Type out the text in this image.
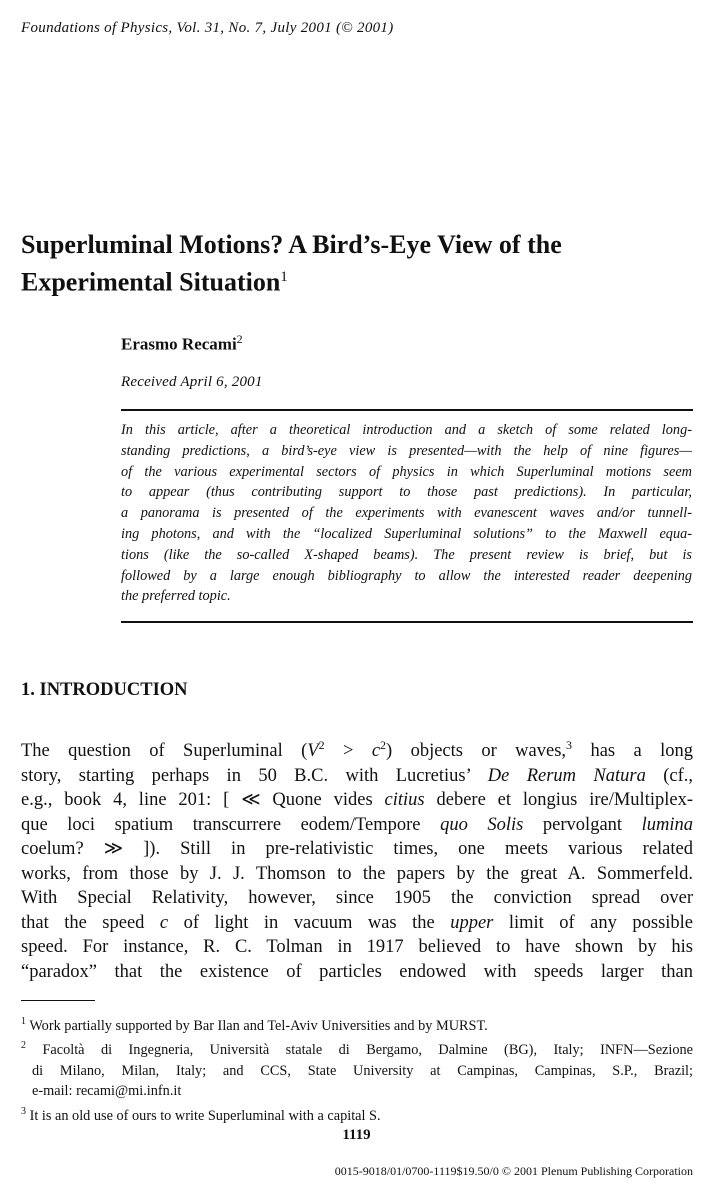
Foundations of Physics, Vol. 31, No. 7, July 2001 (© 2001)
Superluminal Motions? A Bird’s-Eye View of the
Experimental Situation$^1$
Erasmo Recami$^2$
Received April 6, 2001
In this article, after a theoretical introduction and a sketch of some related long-
standing predictions, a bird’s-eye view is presented—with the help of nine figures—
of the various experimental sectors of physics in which Superluminal motions seem
to appear (thus contributing support to those past predictions). In particular,
a panorama is presented of the experiments with evanescent waves and/or tunnell-
ing photons, and with the “localized Superluminal solutions” to the Maxwell equa-
tions (like the so-called X-shaped beams). The present review is brief, but is
followed by a large enough bibliography to allow the interested reader deepening
the preferred topic.
1. INTRODUCTION
The question of Superluminal $(V^2 > c^2)$ objects or waves,$^3$ has a long
story, starting perhaps in 50 B.C. with Lucretius’ De Rerum Natura (cf.,
e.g., book 4, line 201: [ ≪ Quone vides citius debere et longius ire/Multiplex-
que loci spatium transcurrere eodem/Tempore quo Solis pervolgant lumina
coelum? ≫ ]). Still in pre-relativistic times, one meets various related
works, from those by J. J. Thomson to the papers by the great A. Sommerfeld.
With Special Relativity, however, since 1905 the conviction spread over
that the speed c of light in vacuum was the upper limit of any possible
speed. For instance, R. C. Tolman in 1917 believed to have shown by his
“paradox” that the existence of particles endowed with speeds larger than
$^1$ Work partially supported by Bar Ilan and Tel-Aviv Universities and by MURST.
$^2$ Facoltà di Ingegneria, Università statale di Bergamo, Dalmine (BG), Italy; INFN—Sezione
di Milano, Milan, Italy; and CCS, State University at Campinas, Campinas, S.P., Brazil;
e-mail: recami@mi.infn.it
$^3$ It is an old use of ours to write Superluminal with a capital S.
1119
0015-9018/01/0700-1119$19.50/0 © 2001 Plenum Publishing Corporation
